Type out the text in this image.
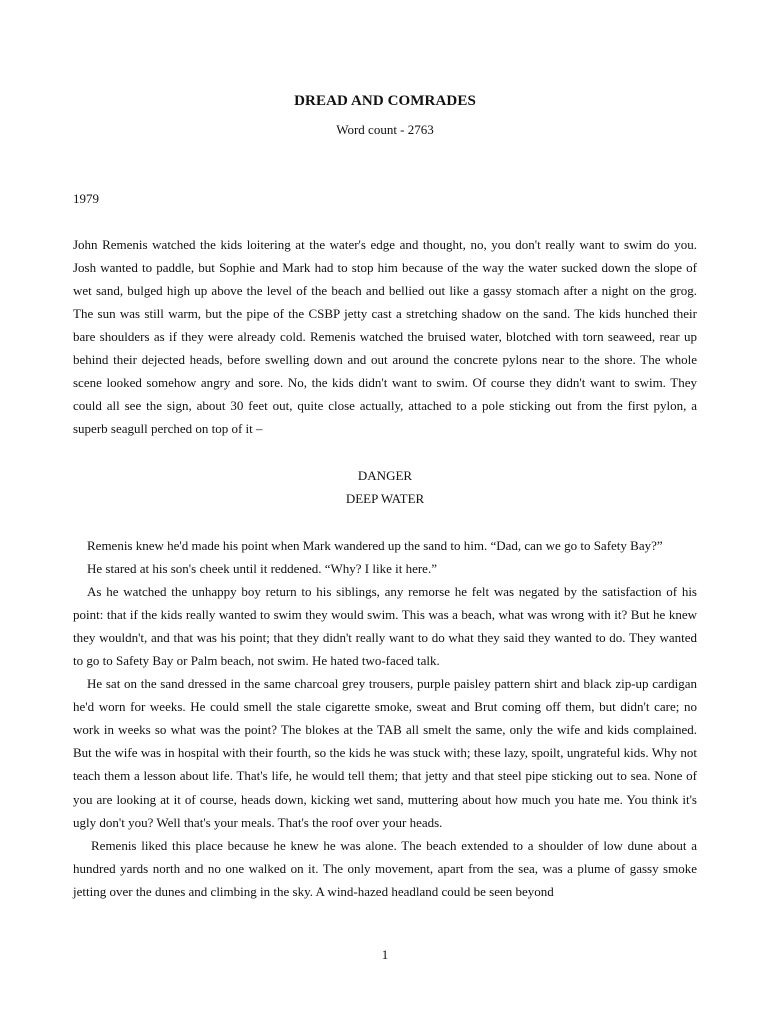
DREAD AND COMRADES
Word count - 2763
1979

John Remenis watched the kids loitering at the water's edge and thought, no, you don't really want to swim do you. Josh wanted to paddle, but Sophie and Mark had to stop him because of the way the water sucked down the slope of wet sand, bulged high up above the level of the beach and bellied out like a gassy stomach after a night on the grog. The sun was still warm, but the pipe of the CSBP jetty cast a stretching shadow on the sand. The kids hunched their bare shoulders as if they were already cold. Remenis watched the bruised water, blotched with torn seaweed, rear up behind their dejected heads, before swelling down and out around the concrete pylons near to the shore. The whole scene looked somehow angry and sore. No, the kids didn't want to swim. Of course they didn't want to swim. They could all see the sign, about 30 feet out, quite close actually, attached to a pole sticking out from the first pylon, a superb seagull perched on top of it –

DANGER
DEEP WATER

Remenis knew he'd made his point when Mark wandered up the sand to him. “Dad, can we go to Safety Bay?”

He stared at his son's cheek until it reddened. “Why? I like it here.”

As he watched the unhappy boy return to his siblings, any remorse he felt was negated by the satisfaction of his point: that if the kids really wanted to swim they would swim. This was a beach, what was wrong with it? But he knew they wouldn't, and that was his point; that they didn't really want to do what they said they wanted to do. They wanted to go to Safety Bay or Palm beach, not swim. He hated two-faced talk.

He sat on the sand dressed in the same charcoal grey trousers, purple paisley pattern shirt and black zip-up cardigan he'd worn for weeks. He could smell the stale cigarette smoke, sweat and Brut coming off them, but didn't care; no work in weeks so what was the point? The blokes at the TAB all smelt the same, only the wife and kids complained. But the wife was in hospital with their fourth, so the kids he was stuck with; these lazy, spoilt, ungrateful kids. Why not teach them a lesson about life. That's life, he would tell them; that jetty and that steel pipe sticking out to sea. None of you are looking at it of course, heads down, kicking wet sand, muttering about how much you hate me. You think it's ugly don't you? Well that's your meals. That's the roof over your heads.

Remenis liked this place because he knew he was alone. The beach extended to a shoulder of low dune about a hundred yards north and no one walked on it. The only movement, apart from the sea, was a plume of gassy smoke jetting over the dunes and climbing in the sky. A wind-hazed headland could be seen beyond

1
